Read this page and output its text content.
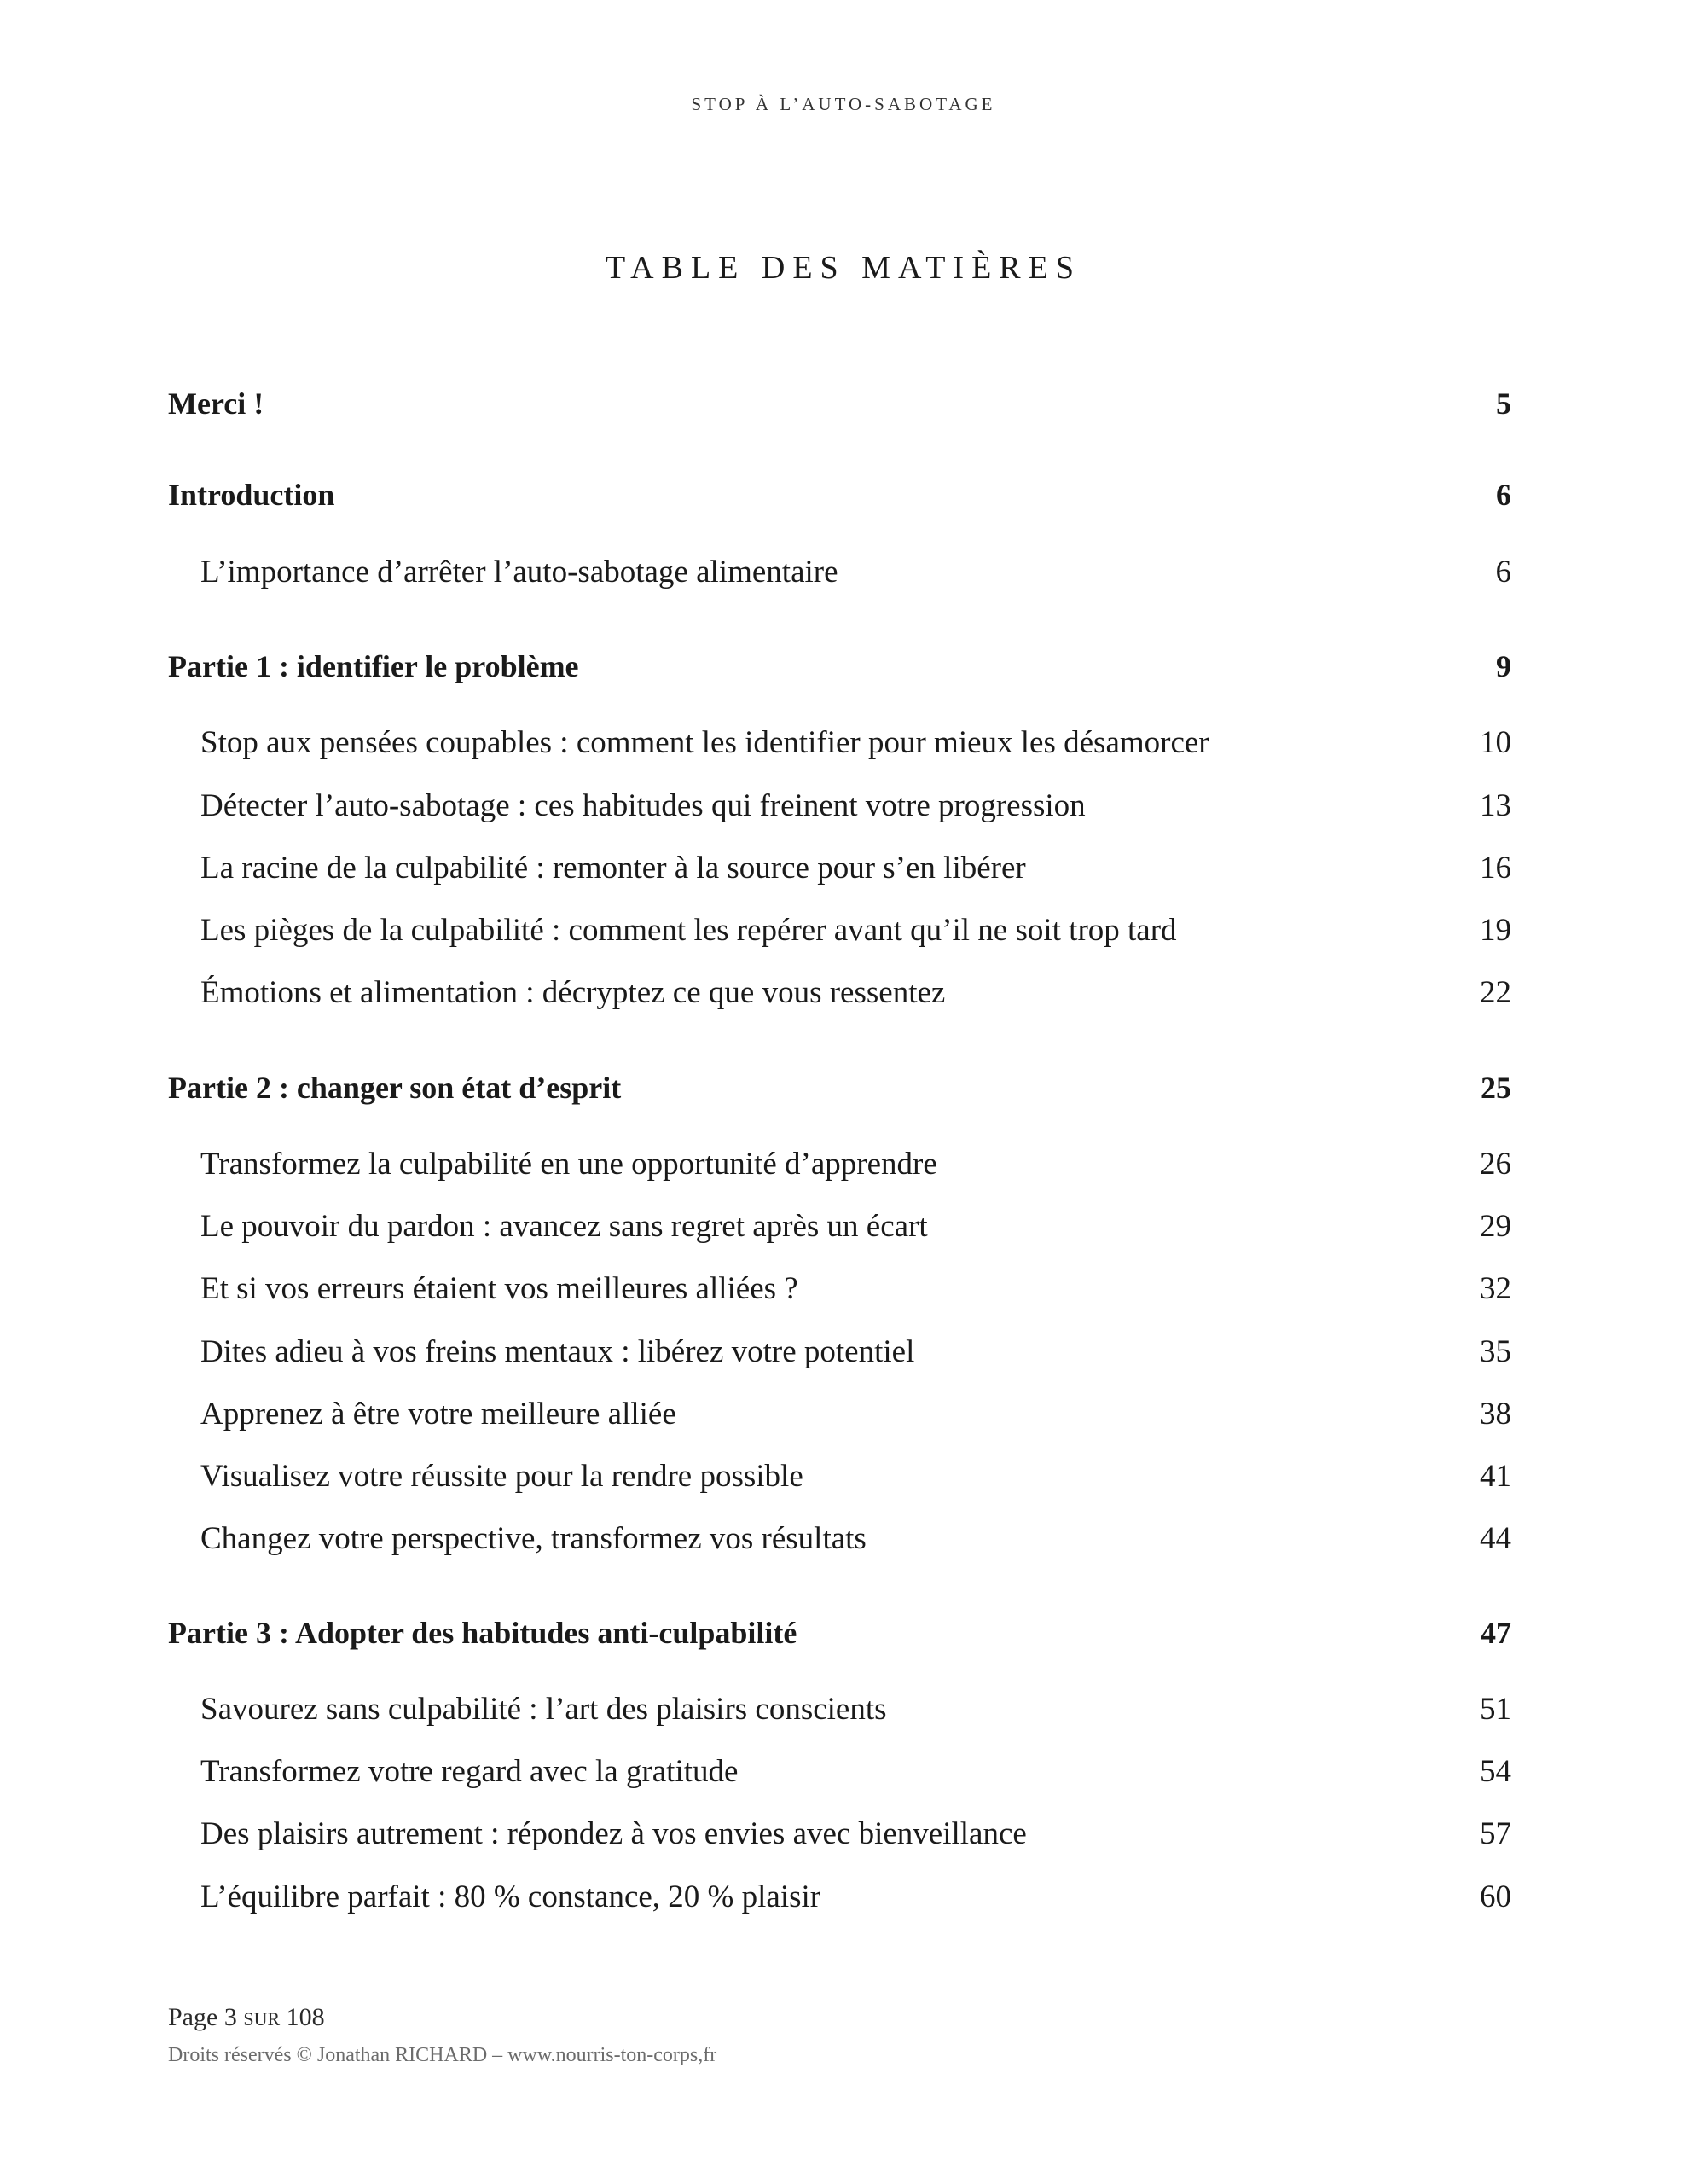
STOP À L’AUTO-SABOTAGE
TABLE DES MATIÈRES
Merci !	5
Introduction	6
L’importance d’arrêter l’auto-sabotage alimentaire	6
Partie 1 : identifier le problème	9
Stop aux pensées coupables : comment les identifier pour mieux les désamorcer	10
Détecter l’auto-sabotage : ces habitudes qui freinent votre progression	13
La racine de la culpabilité : remonter à la source pour s’en libérer	16
Les pièges de la culpabilité : comment les repérer avant qu’il ne soit trop tard	19
Émotions et alimentation : décryptez ce que vous ressentez	22
Partie 2 : changer son état d’esprit	25
Transformez la culpabilité en une opportunité d’apprendre	26
Le pouvoir du pardon : avancez sans regret après un écart	29
Et si vos erreurs étaient vos meilleures alliées ?	32
Dites adieu à vos freins mentaux : libérez votre potentiel	35
Apprenez à être votre meilleure alliée	38
Visualisez votre réussite pour la rendre possible	41
Changez votre perspective, transformez vos résultats	44
Partie 3 : Adopter des habitudes anti-culpabilité	47
Savourez sans culpabilité : l’art des plaisirs conscients	51
Transformez votre regard avec la gratitude	54
Des plaisirs autrement : répondez à vos envies avec bienveillance	57
L’équilibre parfait : 80 % constance, 20 % plaisir	60
Page 3 SUR 108
Droits réservés © Jonathan RICHARD – www.nourris-ton-corps,fr
